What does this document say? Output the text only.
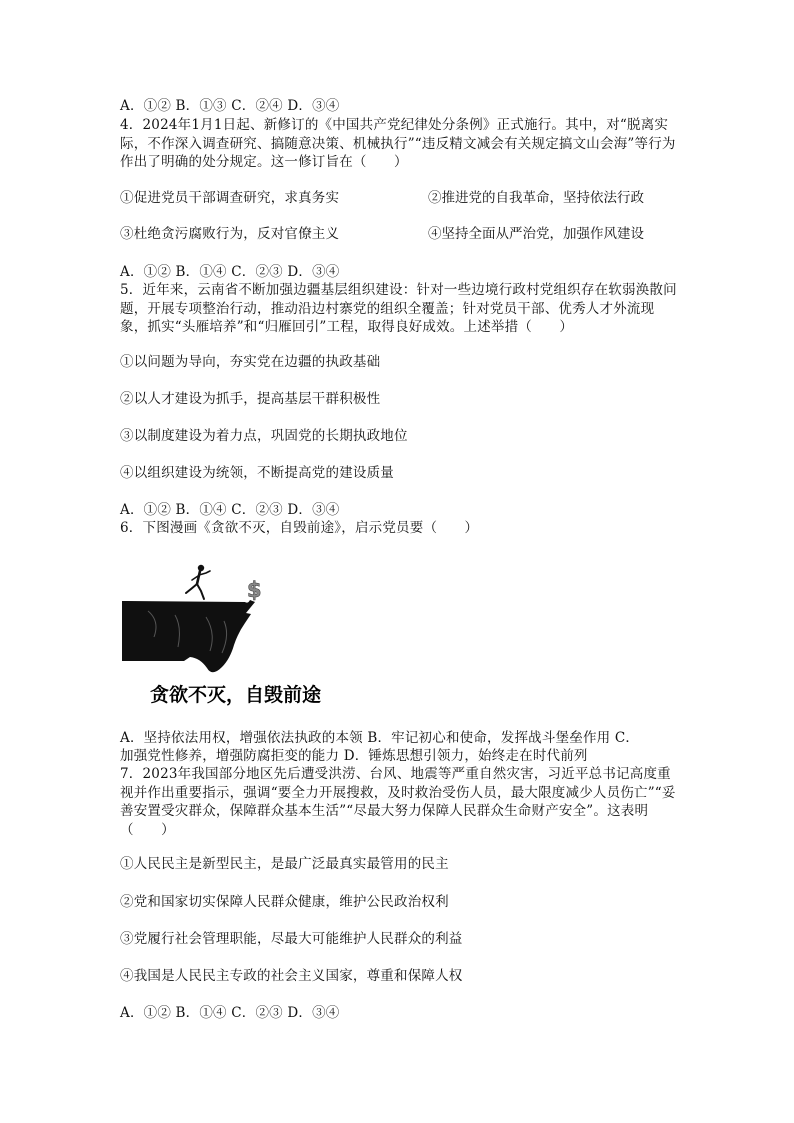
A．①② B．①③ C．②④ D．③④
4．2024年1月1日起、新修订的《中国共产党纪律处分条例》正式施行。其中，对“脱离实际，不作深入调查研究、搞随意决策、机械执行”“违反精文减会有关规定搞文山会海”等行为作出了明确的处分规定。这一修订旨在（　　）
①促进党员干部调查研究，求真务实	②推进党的自我革命，坚持依法行政
③杜绝贪污腐败行为，反对官僚主义	④坚持全面从严治党，加强作风建设
A．①② B．①④ C．②③ D．③④
5．近年来，云南省不断加强边疆基层组织建设：针对一些边境行政村党组织存在软弱涣散问题，开展专项整治行动，推动沿边村寨党的组织全覆盖；针对党员干部、优秀人才外流现象，抓实“头雁培养”和“归雁回引”工程，取得良好成效。上述举措（　　）
①以问题为导向，夯实党在边疆的执政基础
②以人才建设为抓手，提高基层干群积极性
③以制度建设为着力点，巩固党的长期执政地位
④以组织建设为统领，不断提高党的建设质量
A．①② B．①④ C．②③ D．③④
6．下图漫画《贪欲不灭，自毁前途》，启示党员要（　　）
$
贪欲不灭，自毁前途
A．坚持依法用权，增强依法执政的本领 B．牢记初心和使命，发挥战斗堡垒作用 C．
加强党性修养，增强防腐拒变的能力 D．锤炼思想引领力，始终走在时代前列
7．2023年我国部分地区先后遭受洪涝、台风、地震等严重自然灾害，习近平总书记高度重视并作出重要指示，强调“要全力开展搜救，及时救治受伤人员，最大限度减少人员伤亡”“妥善安置受灾群众，保障群众基本生活”“尽最大努力保障人民群众生命财产安全”。这表明（　　）
①人民民主是新型民主，是最广泛最真实最管用的民主
②党和国家切实保障人民群众健康，维护公民政治权利
③党履行社会管理职能，尽最大可能维护人民群众的利益
④我国是人民民主专政的社会主义国家，尊重和保障人权
A．①② B．①④ C．②③ D．③④
